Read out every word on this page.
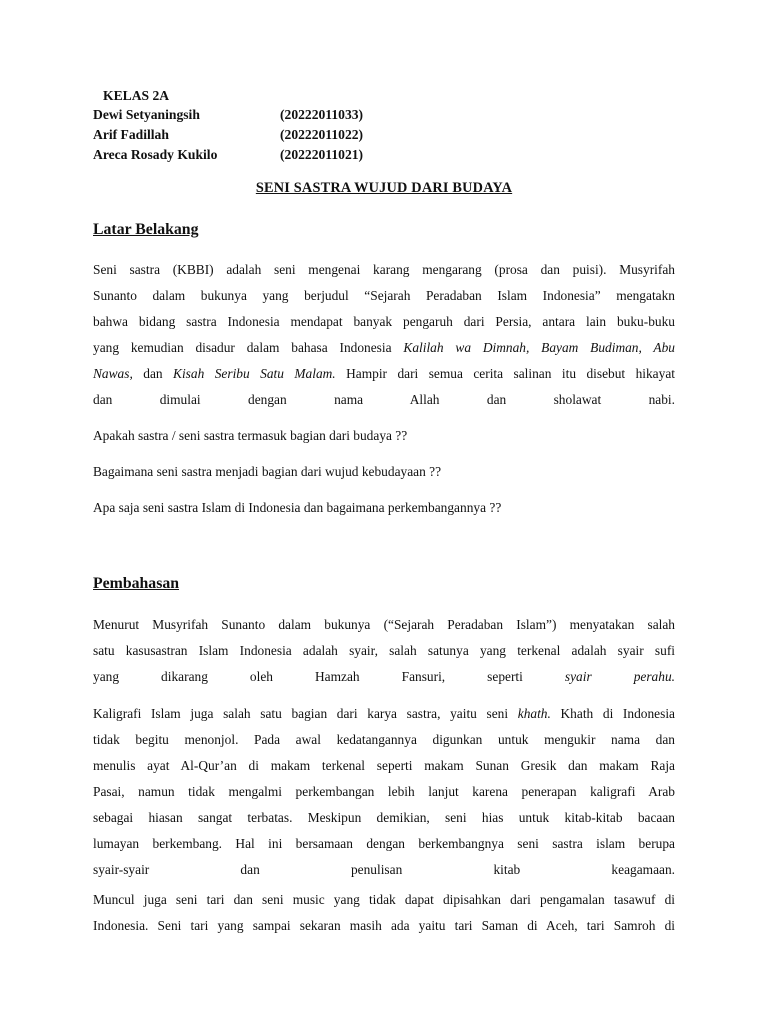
KELAS 2A
Dewi Setyaningsih	(20222011033)
Arif Fadillah	(20222011022)
Areca Rosady Kukilo	(20222011021)
SENI SASTRA WUJUD DARI BUDAYA
Latar Belakang
Seni sastra (KBBI) adalah seni mengenai karang mengarang (prosa dan puisi). Musyrifah
Sunanto dalam bukunya yang berjudul “Sejarah Peradaban Islam Indonesia” mengatakn
bahwa bidang sastra Indonesia mendapat banyak pengaruh dari Persia, antara lain buku-buku
yang kemudian disadur dalam bahasa Indonesia Kalilah wa Dimnah, Bayam Budiman, Abu
Nawas, dan Kisah Seribu Satu Malam. Hampir dari semua cerita salinan itu disebut hikayat
dan dimulai dengan nama Allah dan sholawat nabi.
Apakah sastra / seni sastra termasuk bagian dari budaya ??
Bagaimana seni sastra menjadi bagian dari wujud kebudayaan ??
Apa saja seni sastra Islam di Indonesia dan bagaimana perkembangannya ??
Pembahasan
Menurut Musyrifah Sunanto dalam bukunya (“Sejarah Peradaban Islam”) menyatakan salah
satu kasusastran Islam Indonesia adalah syair, salah satunya yang terkenal adalah syair sufi
yang dikarang oleh Hamzah Fansuri, seperti syair perahu.
Kaligrafi Islam juga salah satu bagian dari karya sastra, yaitu seni khath. Khath di Indonesia
tidak begitu menonjol. Pada awal kedatangannya digunkan untuk mengukir nama dan
menulis ayat Al-Qur’an di makam terkenal seperti makam Sunan Gresik dan makam Raja
Pasai, namun tidak mengalmi perkembangan lebih lanjut karena penerapan kaligrafi Arab
sebagai hiasan sangat terbatas. Meskipun demikian, seni hias untuk kitab-kitab bacaan
lumayan berkembang. Hal ini bersamaan dengan berkembangnya seni sastra islam berupa
syair-syair dan penulisan kitab keagamaan.
Muncul juga seni tari dan seni music yang tidak dapat dipisahkan dari pengamalan tasawuf di
Indonesia. Seni tari yang sampai sekaran masih ada yaitu tari Saman di Aceh, tari Samroh di
